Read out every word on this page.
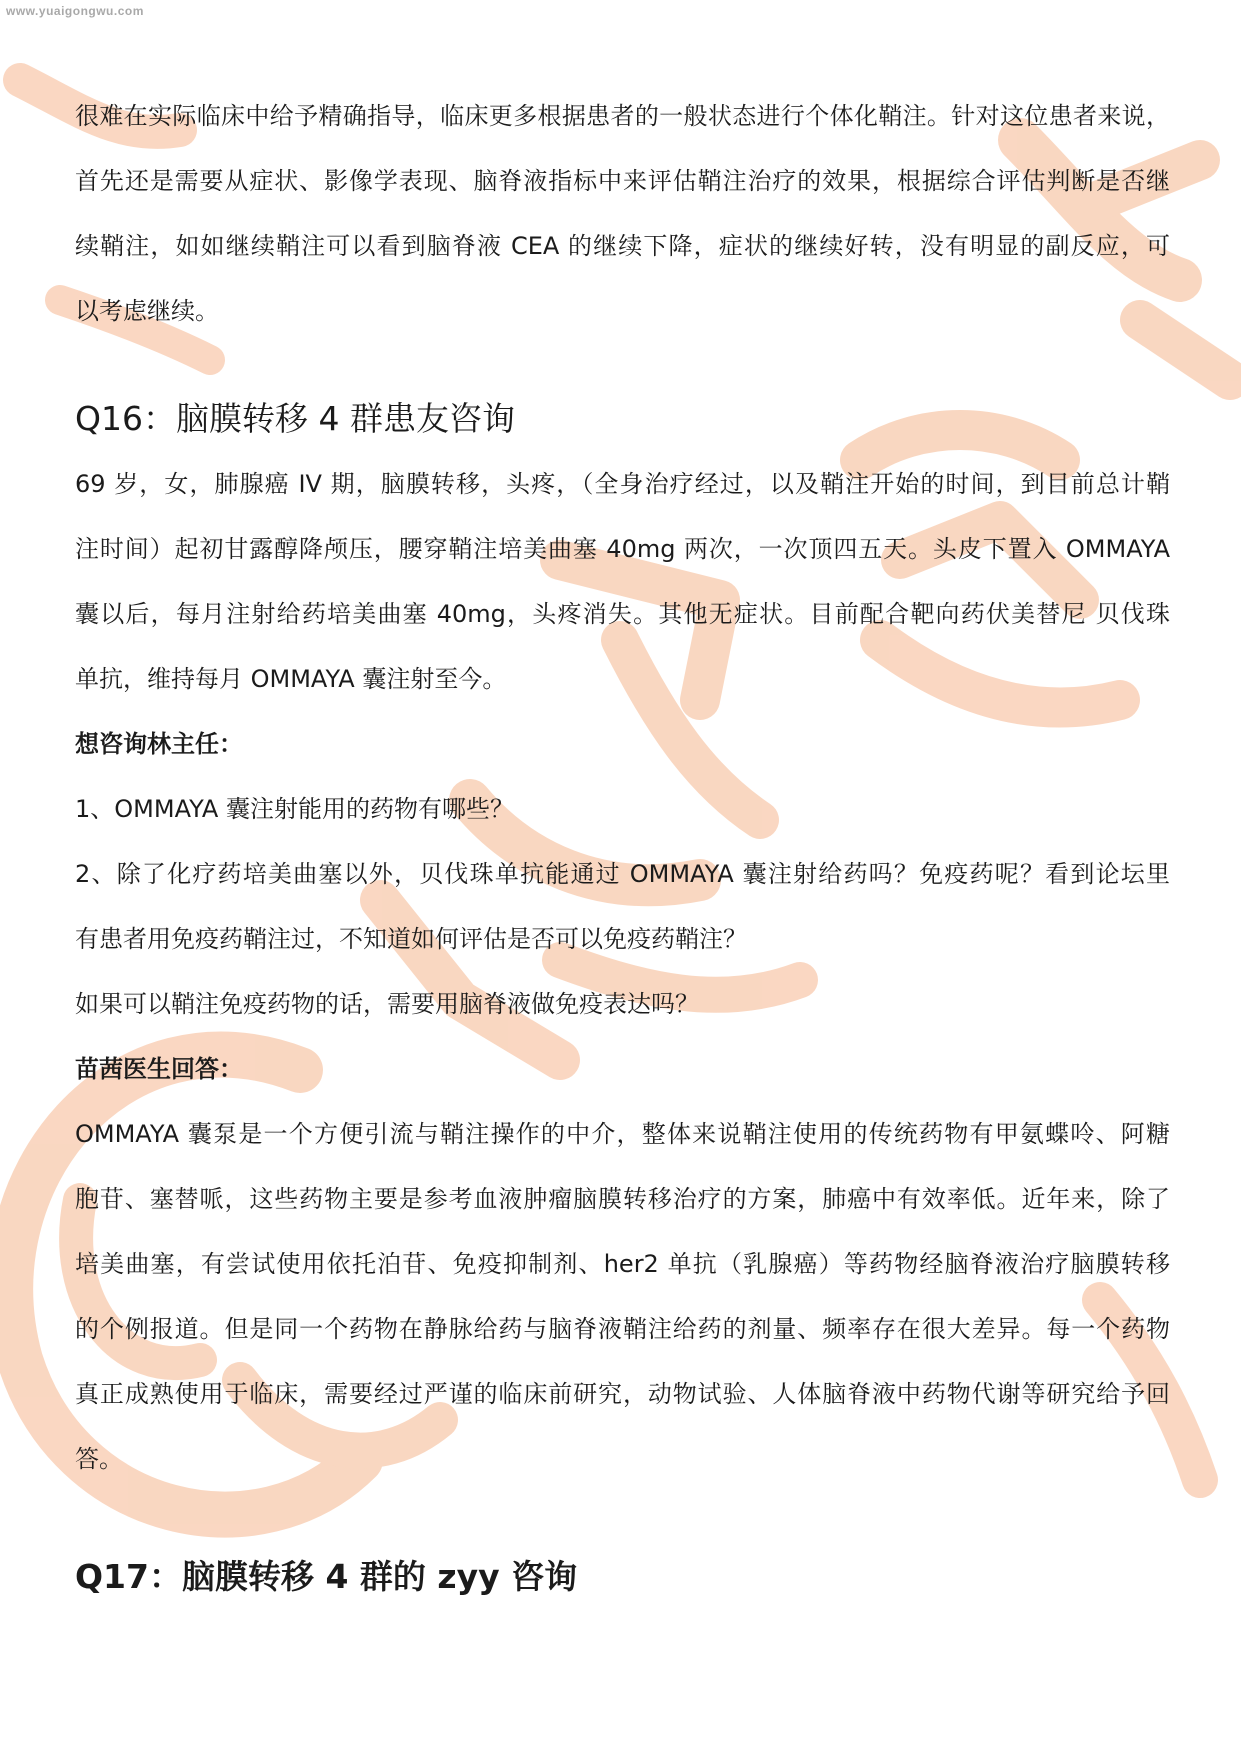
www.yuaigongwu.com
很难在实际临床中给予精确指导，临床更多根据患者的一般状态进行个体化鞘注。针对这位患者来说，
首先还是需要从症状、影像学表现、脑脊液指标中来评估鞘注治疗的效果，根据综合评估判断是否继
续鞘注，如如继续鞘注可以看到脑脊液 CEA 的继续下降，症状的继续好转，没有明显的副反应，可
以考虑继续。
Q16：脑膜转移 4 群患友咨询
69 岁，女，肺腺癌 IV 期，脑膜转移，头疼，（全身治疗经过，以及鞘注开始的时间，到目前总计鞘
注时间）起初甘露醇降颅压，腰穿鞘注培美曲塞 40mg 两次，一次顶四五天。头皮下置入 OMMAYA
囊以后，每月注射给药培美曲塞 40mg，头疼消失。其他无症状。目前配合靶向药伏美替尼 贝伐珠
单抗，维持每月 OMMAYA 囊注射至今。
想咨询林主任：
1、OMMAYA 囊注射能用的药物有哪些？
2、除了化疗药培美曲塞以外，贝伐珠单抗能通过 OMMAYA 囊注射给药吗？免疫药呢？看到论坛里
有患者用免疫药鞘注过，不知道如何评估是否可以免疫药鞘注？
如果可以鞘注免疫药物的话，需要用脑脊液做免疫表达吗？
苗茜医生回答：
OMMAYA 囊泵是一个方便引流与鞘注操作的中介，整体来说鞘注使用的传统药物有甲氨蝶呤、阿糖
胞苷、塞替哌，这些药物主要是参考血液肿瘤脑膜转移治疗的方案，肺癌中有效率低。近年来，除了
培美曲塞，有尝试使用依托泊苷、免疫抑制剂、her2 单抗（乳腺癌）等药物经脑脊液治疗脑膜转移
的个例报道。但是同一个药物在静脉给药与脑脊液鞘注给药的剂量、频率存在很大差异。每一个药物
真正成熟使用于临床，需要经过严谨的临床前研究，动物试验、人体脑脊液中药物代谢等研究给予回
答。
Q17：脑膜转移 4 群的 zyy 咨询
